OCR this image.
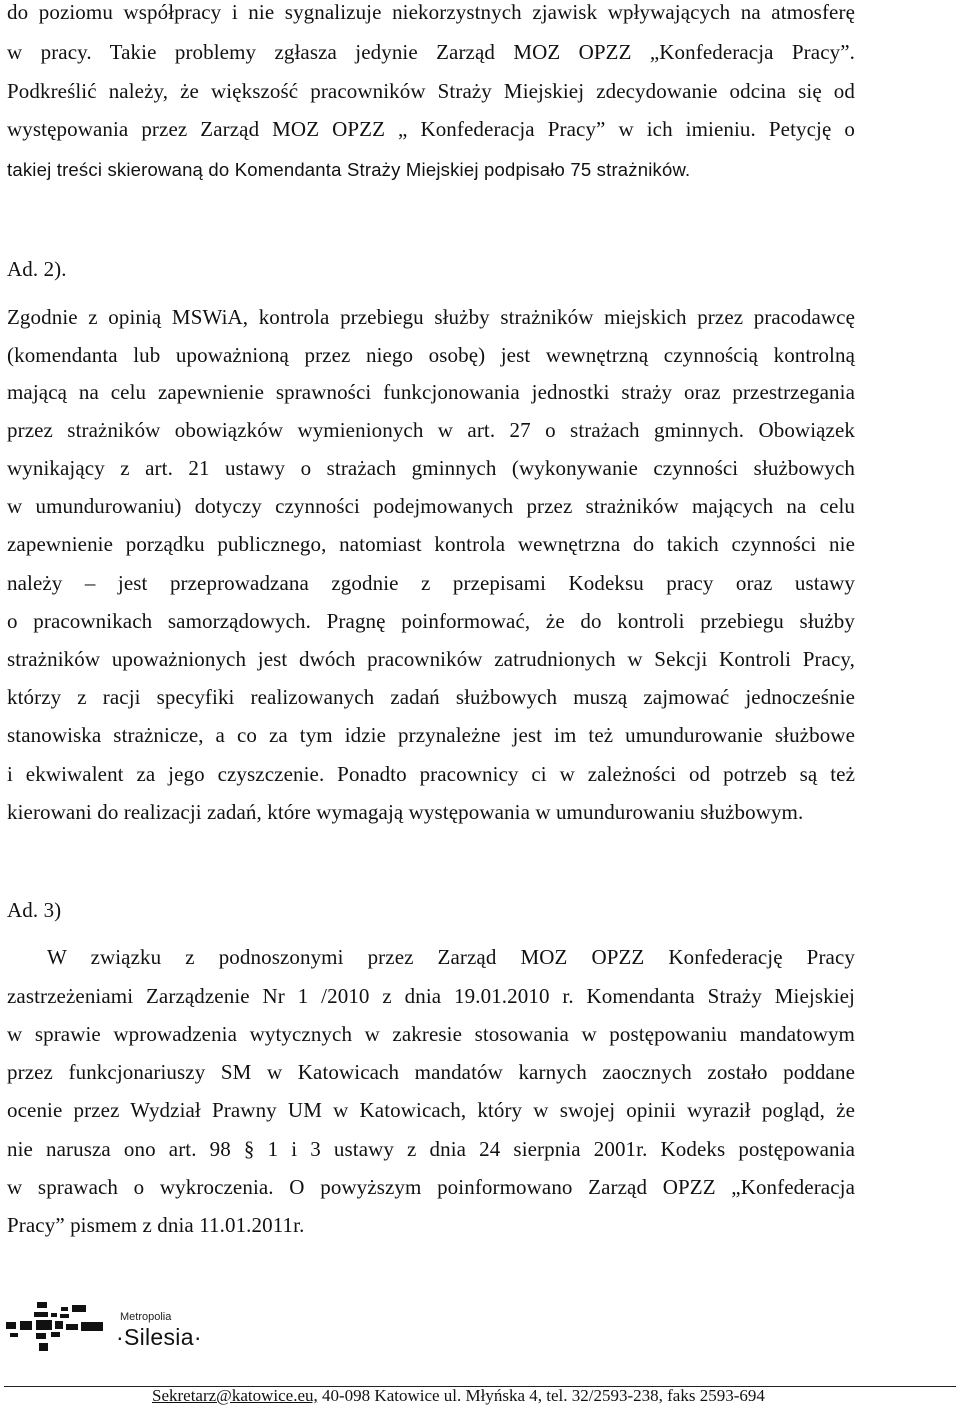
do poziomu współpracy i nie sygnalizuje niekorzystnych zjawisk wpływających na atmosferę
w pracy. Takie problemy zgłasza jedynie Zarząd MOZ OPZZ „Konfederacja Pracy”.
Podkreślić należy, że większość pracowników Straży Miejskiej zdecydowanie odcina się od
występowania przez Zarząd MOZ OPZZ „ Konfederacja Pracy” w ich imieniu. Petycję o
takiej treści skierowaną do Komendanta Straży Miejskiej podpisało 75 strażników.
Ad. 2).
Zgodnie z opinią MSWiA, kontrola przebiegu służby strażników miejskich przez pracodawcę
(komendanta lub upoważnioną przez niego osobę) jest wewnętrzną czynnością kontrolną
mającą na celu zapewnienie sprawności funkcjonowania jednostki straży oraz przestrzegania
przez strażników obowiązków wymienionych w art. 27 o strażach gminnych. Obowiązek
wynikający z art. 21 ustawy o strażach gminnych (wykonywanie czynności służbowych
w umundurowaniu) dotyczy czynności podejmowanych przez strażników mających na celu
zapewnienie porządku publicznego, natomiast kontrola wewnętrzna do takich czynności nie
należy – jest przeprowadzana zgodnie z przepisami Kodeksu pracy oraz ustawy
o pracownikach samorządowych. Pragnę poinformować, że do kontroli przebiegu służby
strażników upoważnionych jest dwóch pracowników zatrudnionych w Sekcji Kontroli Pracy,
którzy z racji specyfiki realizowanych zadań służbowych muszą zajmować jednocześnie
stanowiska strażnicze, a co za tym idzie przynależne jest im też umundurowanie służbowe
i ekwiwalent za jego czyszczenie. Ponadto pracownicy ci w zależności od potrzeb są też
kierowani do realizacji zadań, które wymagają występowania w umundurowaniu służbowym.
Ad. 3)
W związku z podnoszonymi przez Zarząd MOZ OPZZ Konfederację Pracy
zastrzeżeniami Zarządzenie Nr 1 /2010 z dnia 19.01.2010 r. Komendanta Straży Miejskiej
w sprawie wprowadzenia wytycznych w zakresie stosowania w postępowaniu mandatowym
przez funkcjonariuszy SM w Katowicach mandatów karnych zaocznych zostało poddane
ocenie przez Wydział Prawny UM w Katowicach, który w swojej opinii wyraził pogląd, że
nie narusza ono art. 98 § 1 i 3 ustawy z dnia 24 sierpnia 2001r. Kodeks postępowania
w sprawach o wykroczenia. O powyższym poinformowano Zarząd OPZZ „Konfederacja
Pracy” pismem z dnia 11.01.2011r.
Metropolia
·Silesia·
Sekretarz@katowice.eu, 40-098 Katowice ul. Młyńska 4, tel. 32/2593-238, faks 2593-694
